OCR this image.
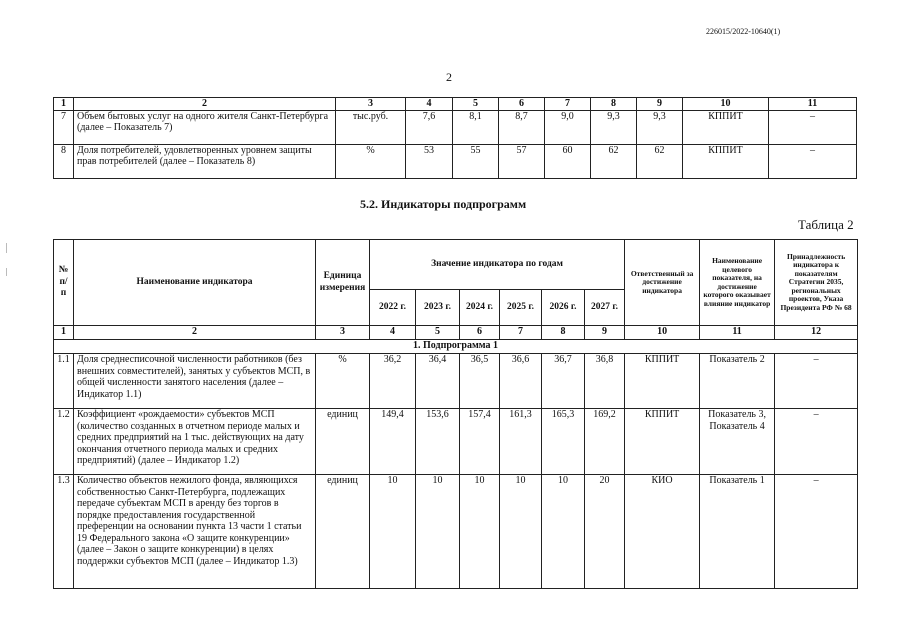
226015/2022-10640(1)
2
1	2	3	4	5	6	7	8	9	10	11
7	Объем бытовых услуг на одного жителя Санкт-Петербурга (далее – Показатель 7)	тыс.руб.	7,6	8,1	8,7	9,0	9,3	9,3	КППИТ	–
8	Доля потребителей, удовлетворенных уровнем защиты прав потребителей (далее – Показатель 8)	%	53	55	57	60	62	62	КППИТ	–
5.2. Индикаторы подпрограмм
Таблица 2
№ п/п	Наименование индикатора	Единица измерения	Значение индикатора по годам						Ответственный за достижение индикатора	Наименование целевого показателя, на достижение которого оказывает влияние индикатор	Принадлежность индикатора к показателям Стратегии 2035, региональных проектов, Указа Президента РФ № 68
			2022 г.	2023 г.	2024 г.	2025 г.	2026 г.	2027 г.			
1	2	3	4	5	6	7	8	9	10	11	12
1. Подпрограмма 1											
1.1	Доля среднесписочной численности работников (без внешних совместителей), занятых у субъектов МСП, в общей численности занятого населения (далее – Индикатор 1.1)	%	36,2	36,4	36,5	36,6	36,7	36,8	КППИТ	Показатель 2	–
1.2	Коэффициент «рождаемости» субъектов МСП (количество созданных в отчетном периоде малых и средних предприятий на 1 тыс. действующих на дату окончания отчетного периода малых и средних предприятий) (далее – Индикатор 1.2)	единиц	149,4	153,6	157,4	161,3	165,3	169,2	КППИТ	Показатель 3, Показатель 4	–
1.3	Количество объектов нежилого фонда, являющихся собственностью Санкт-Петербурга, подлежащих передаче субъектам МСП в аренду без торгов в порядке предоставления государственной преференции на основании пункта 13 части 1 статьи 19 Федерального закона «О защите конкуренции» (далее – Закон о защите конкуренции) в целях поддержки субъектов МСП (далее – Индикатор 1.3)	единиц	10	10	10	10	10	20	КИО	Показатель 1	–
